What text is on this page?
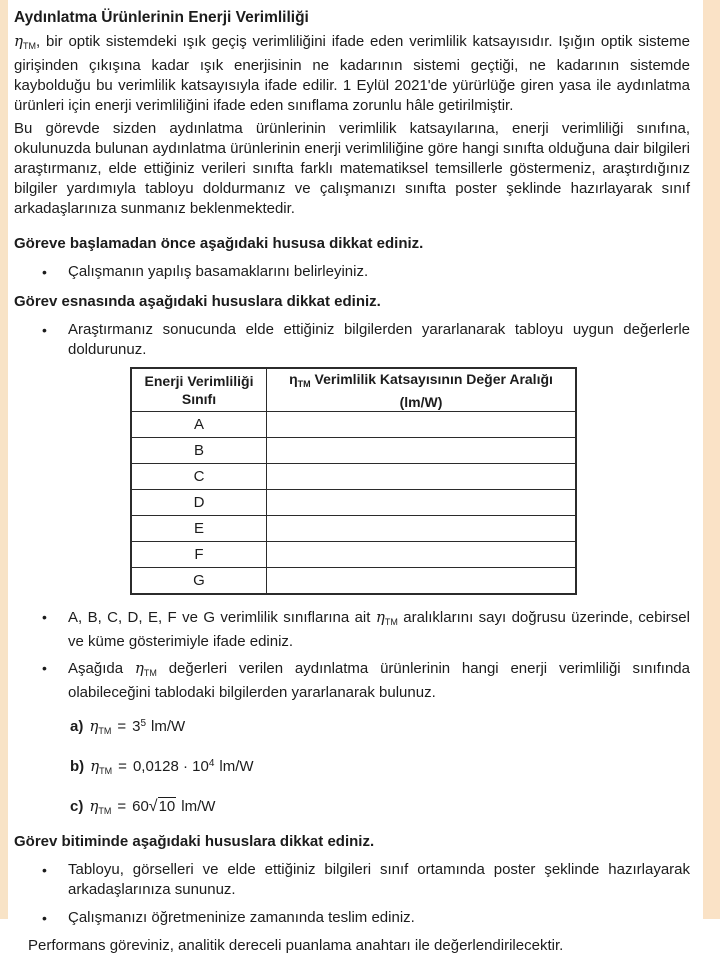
Aydınlatma Ürünlerinin Enerji Verimliliği

$\eta_{TM}$, bir optik sistemdeki ışık geçiş verimliliğini ifade eden verimlilik katsayısıdır. Işığın optik sisteme girişinden çıkışına kadar ışık enerjisinin ne kadarının sistemi geçtiği, ne kadarının sistemde kaybolduğu bu verimlilik katsayısıyla ifade edilir. 1 Eylül 2021'de yürürlüğe giren yasa ile aydınlatma ürünleri için enerji verimliliğini ifade eden sınıflama zorunlu hâle getirilmiştir.

Bu görevde sizden aydınlatma ürünlerinin verimlilik katsayılarına, enerji verimliliği sınıfına, okulunuzda bulunan aydınlatma ürünlerinin enerji verimliliğine göre hangi sınıfta olduğuna dair bilgileri araştırmanız, elde ettiğiniz verileri sınıfta farklı matematiksel temsillerle göstermeniz, araştırdığınız bilgiler yardımıyla tabloyu doldurmanız ve çalışmanızı sınıfta poster şeklinde hazırlayarak sınıf arkadaşlarınıza sunmanız beklenmektedir.

Göreve başlamadan önce aşağıdaki hususa dikkat ediniz.
•	Çalışmanın yapılış basamaklarını belirleyiniz.
Görev esnasında aşağıdaki hususlara dikkat ediniz.
•	Araştırmanız sonucunda elde ettiğiniz bilgilerden yararlanarak tabloyu uygun değerlerle doldurunuz.
Enerji Verimliliği
Sınıfı	$\eta_{TM}$ Verimlilik Katsayısının Değer Aralığı (lm/W)
A	
B	
C	
D	
E	
F	
G	
•	A, B, C, D, E, F ve G verimlilik sınıflarına ait $\eta_{TM}$ aralıklarını sayı doğrusu üzerinde, cebirsel ve küme gösterimiyle ifade ediniz.
•	Aşağıda $\eta_{TM}$ değerleri verilen aydınlatma ürünlerinin hangi enerji verimliliği sınıfında olabileceğini tablodaki bilgilerden yararlanarak bulunuz.
a) $\eta_{TM} = 3^5$ lm/W
b) $\eta_{TM} = 0,0128 \cdot 10^4$ lm/W
c) $\eta_{TM} = 60√10$ lm/W
Görev bitiminde aşağıdaki hususlara dikkat ediniz.
•	Tabloyu, görselleri ve elde ettiğiniz bilgileri sınıf ortamında poster şeklinde hazırlayarak arkadaşlarınıza sununuz.
•	Çalışmanızı öğretmeninize zamanında teslim ediniz.

Performans göreviniz, analitik dereceli puanlama anahtarı ile değerlendirilecektir.
